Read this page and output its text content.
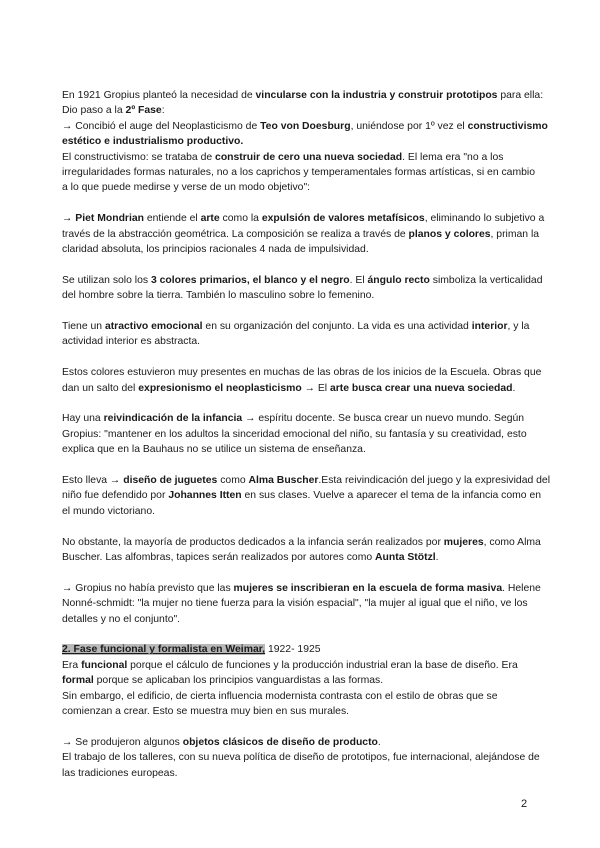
En 1921 Gropius planteó la necesidad de vincularse con la industria y construir prototipos para ella:
Dio paso a la 2º Fase:
→ Concibió el auge del Neoplasticismo de Teo von Doesburg, uniéndose por 1º vez el constructivismo
estético e industrialismo productivo.
El constructivismo: se trataba de construir de cero una nueva sociedad. El lema era "no a los
irregularidades formas naturales, no a los caprichos y temperamentales formas artísticas, si en cambio
a lo que puede medirse y verse de un modo objetivo":
→ Piet Mondrian entiende el arte como la expulsión de valores metafísicos, eliminando lo subjetivo a
través de la abstracción geométrica. La composición se realiza a través de planos y colores, priman la
claridad absoluta, los principios racionales 4 nada de impulsividad.
Se utilizan solo los 3 colores primarios, el blanco y el negro. El ángulo recto simboliza la verticalidad
del hombre sobre la tierra. También lo masculino sobre lo femenino.
Tiene un atractivo emocional en su organización del conjunto. La vida es una actividad interior, y la
actividad interior es abstracta.
Estos colores estuvieron muy presentes en muchas de las obras de los inicios de la Escuela. Obras que
dan un salto del expresionismo el neoplasticismo → El arte busca crear una nueva sociedad.
Hay una reivindicación de la infancia → espíritu docente. Se busca crear un nuevo mundo. Según
Gropius: "mantener en los adultos la sinceridad emocional del niño, su fantasía y su creatividad, esto
explica que en la Bauhaus no se utilice un sistema de enseñanza.
Esto lleva → diseño de juguetes como Alma Buscher.Esta reivindicación del juego y la expresividad del
niño fue defendido por Johannes Itten en sus clases. Vuelve a aparecer el tema de la infancia como en
el mundo victoriano.
No obstante, la mayoría de productos dedicados a la infancia serán realizados por mujeres, como Alma
Buscher. Las alfombras, tapices serán realizados por autores como Aunta Stötzl.
→ Gropius no había previsto que las mujeres se inscribieran en la escuela de forma masiva. Helene
Nonné-schmidt: "la mujer no tiene fuerza para la visión espacial", "la mujer al igual que el niño, ve los
detalles y no el conjunto".
2. Fase funcional y formalista en Weimar, 1922- 1925
Era funcional porque el cálculo de funciones y la producción industrial eran la base de diseño. Era
formal porque se aplicaban los principios vanguardistas a las formas.
Sin embargo, el edificio, de cierta influencia modernista contrasta con el estilo de obras que se
comienzan a crear. Esto se muestra muy bien en sus murales.
→ Se produjeron algunos objetos clásicos de diseño de producto.
El trabajo de los talleres, con su nueva política de diseño de prototipos, fue internacional, alejándose de
las tradiciones europeas.
2
